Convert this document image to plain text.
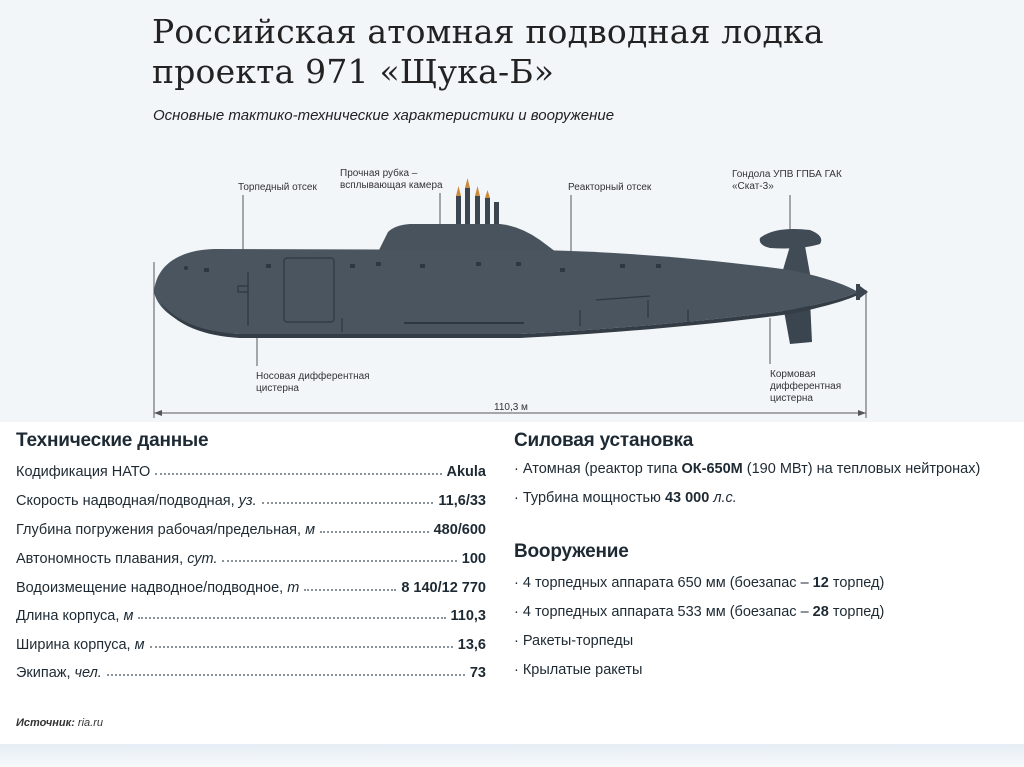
Российская атомная подводная лодка
проекта 971 «Щука-Б»
Основные тактико-технические характеристики и вооружение
Торпедный отсек
Прочная рубка –
всплывающая камера	Реакторный отсек
Гондола УПВ ГПБА ГАК
«Скат-3»
Носовая дифферентная
цистерна
Кормовая
дифферентная
цистерна
110,3 м
Технические данные
Кодификация НАТО	Akula
Скорость надводная/подводная, уз.	11,6/33
Глубина погружения рабочая/предельная, м	480/600
Автономность плавания, сут.	100
Водоизмещение надводное/подводное, т	8 140/12 770
Длина корпуса, м	110,3
Ширина корпуса, м	13,6
Экипаж, чел.	73
Силовая установка
· Атомная (реактор типа ОК-650М (190 МВт) на тепловых нейтронах)
· Турбина мощностью 43 000 л.с.
Вооружение
· 4 торпедных аппарата 650 мм (боезапас – 12 торпед)
· 4 торпедных аппарата 533 мм (боезапас – 28 торпед)
· Ракеты-торпеды
· Крылатые ракеты
Источник: ria.ru
